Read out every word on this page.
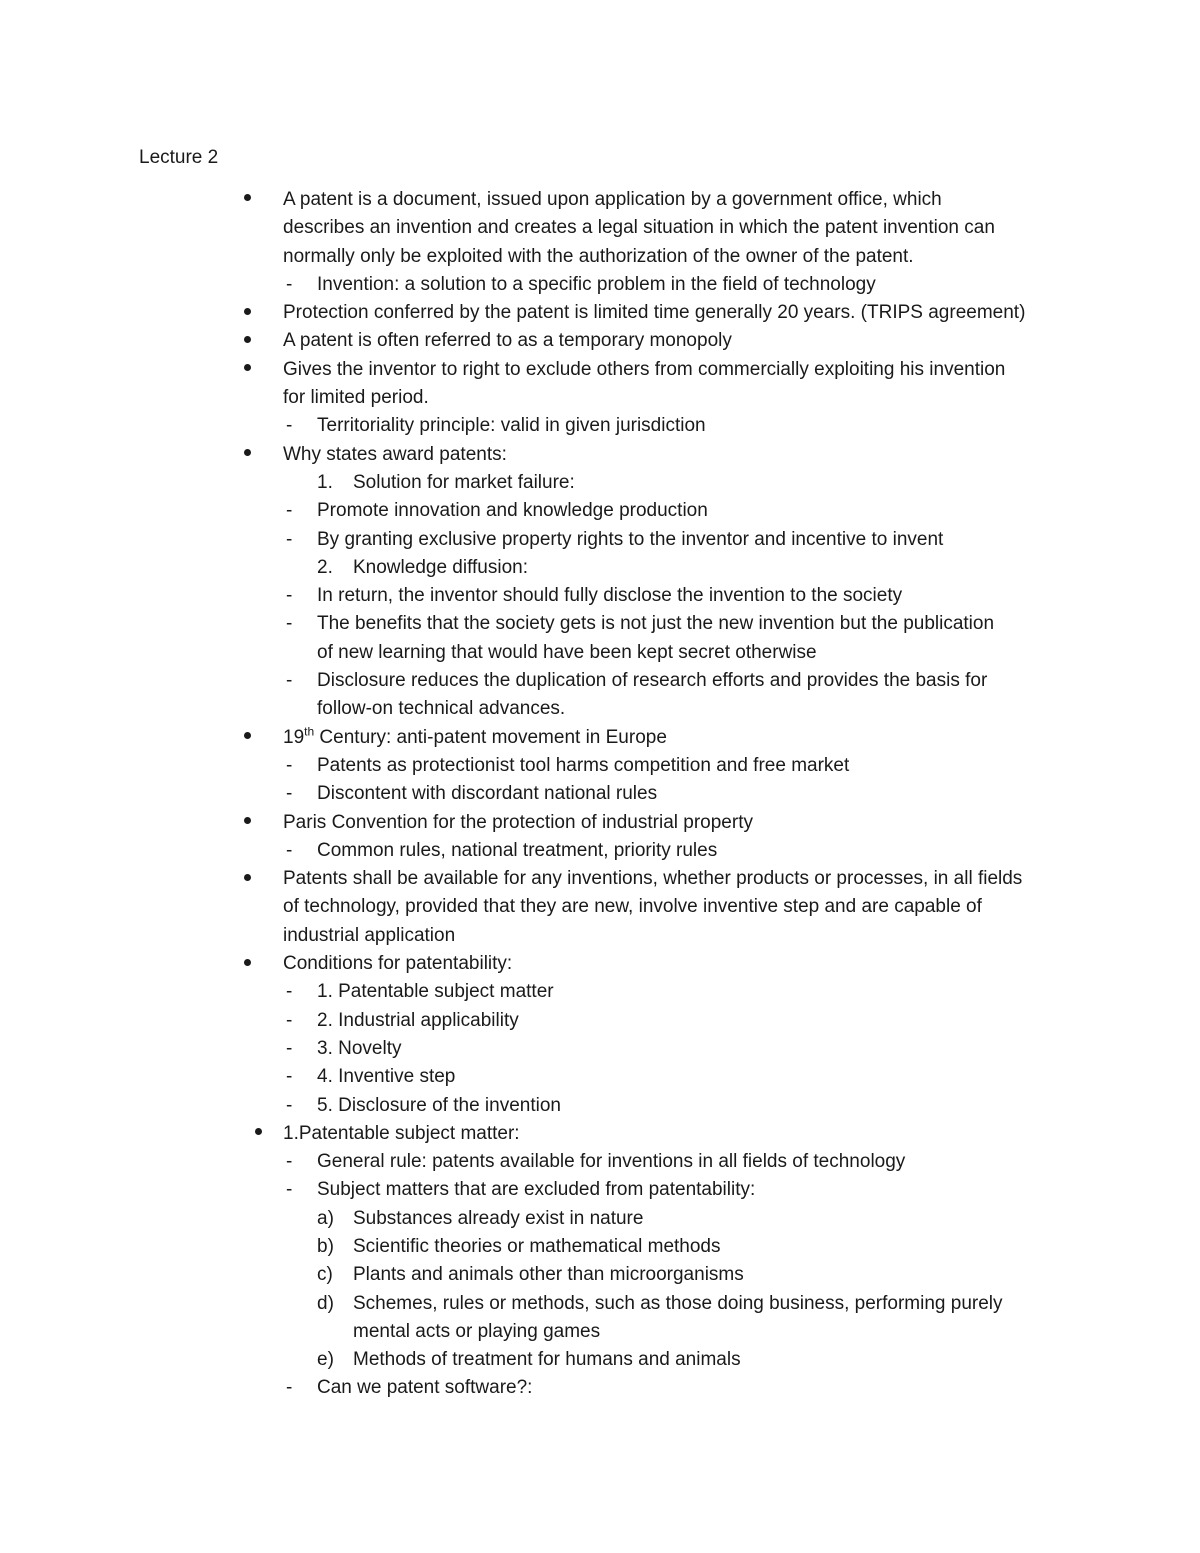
Lecture 2
A patent is a document, issued upon application by a government office, which
describes an invention and creates a legal situation in which the patent invention can
normally only be exploited with the authorization of the owner of the patent.
- Invention: a solution to a specific problem in the field of technology
Protection conferred by the patent is limited time generally 20 years. (TRIPS agreement)
A patent is often referred to as a temporary monopoly
Gives the inventor to right to exclude others from commercially exploiting his invention
for limited period.
- Territoriality principle: valid in given jurisdiction
Why states award patents:
1. Solution for market failure:
- Promote innovation and knowledge production
- By granting exclusive property rights to the inventor and incentive to invent
2. Knowledge diffusion:
- In return, the inventor should fully disclose the invention to the society
- The benefits that the society gets is not just the new invention but the publication
of new learning that would have been kept secret otherwise
- Disclosure reduces the duplication of research efforts and provides the basis for
follow-on technical advances.
19th Century: anti-patent movement in Europe
- Patents as protectionist tool harms competition and free market
- Discontent with discordant national rules
Paris Convention for the protection of industrial property
- Common rules, national treatment, priority rules
Patents shall be available for any inventions, whether products or processes, in all fields
of technology, provided that they are new, involve inventive step and are capable of
industrial application
Conditions for patentability:
- 1. Patentable subject matter
- 2. Industrial applicability
- 3. Novelty
- 4. Inventive step
- 5. Disclosure of the invention
1.Patentable subject matter:
- General rule: patents available for inventions in all fields of technology
- Subject matters that are excluded from patentability:
a) Substances already exist in nature
b) Scientific theories or mathematical methods
c) Plants and animals other than microorganisms
d) Schemes, rules or methods, such as those doing business, performing purely
mental acts or playing games
e) Methods of treatment for humans and animals
- Can we patent software?:
